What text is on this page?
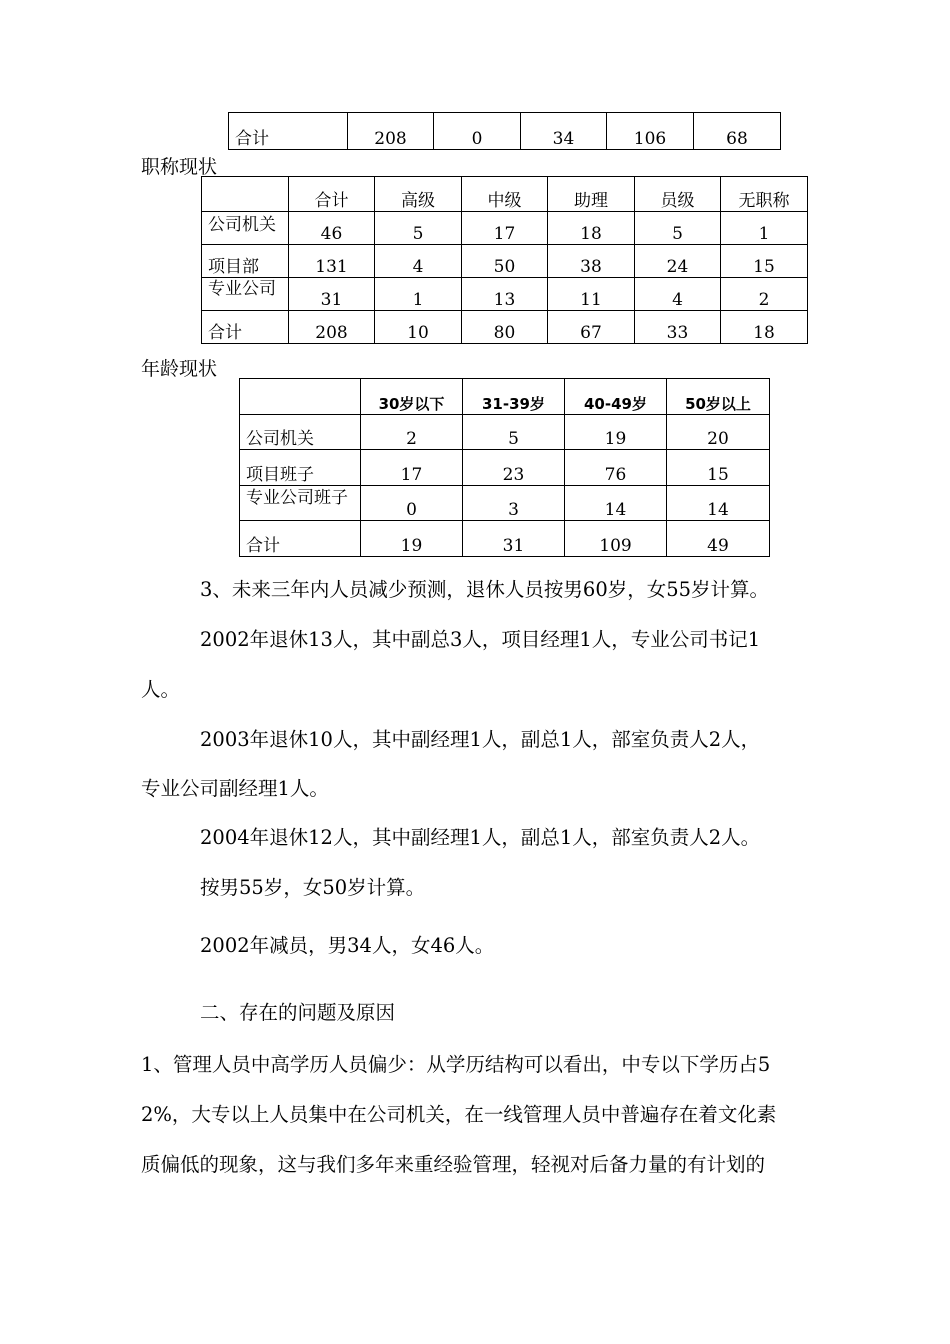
合计	208	0	34	106	68
职称现状
	合计	高级	中级	助理	员级	无职称
公司机关	46	5	17	18	5	1
项目部	131	4	50	38	24	15
专业公司	31	1	13	11	4	2
合计	208	10	80	67	33	18
年龄现状
	30岁以下	31-39岁	40-49岁	50岁以上
公司机关	2	5	19	20
项目班子	17	23	76	15
专业公司班子	0	3	14	14
合计	19	31	109	49
3、未来三年内人员减少预测，退休人员按男60岁，女55岁计算。
2002年退休13人，其中副总3人，项目经理1人，专业公司书记1
人。
2003年退休10人，其中副经理1人，副总1人，部室负责人2人，
专业公司副经理1人。
2004年退休12人，其中副经理1人，副总1人，部室负责人2人。
按男55岁，女50岁计算。
2002年减员，男34人，女46人。
二、存在的问题及原因
1、管理人员中高学历人员偏少：从学历结构可以看出，中专以下学历占5
2%，大专以上人员集中在公司机关，在一线管理人员中普遍存在着文化素
质偏低的现象，这与我们多年来重经验管理，轻视对后备力量的有计划的
